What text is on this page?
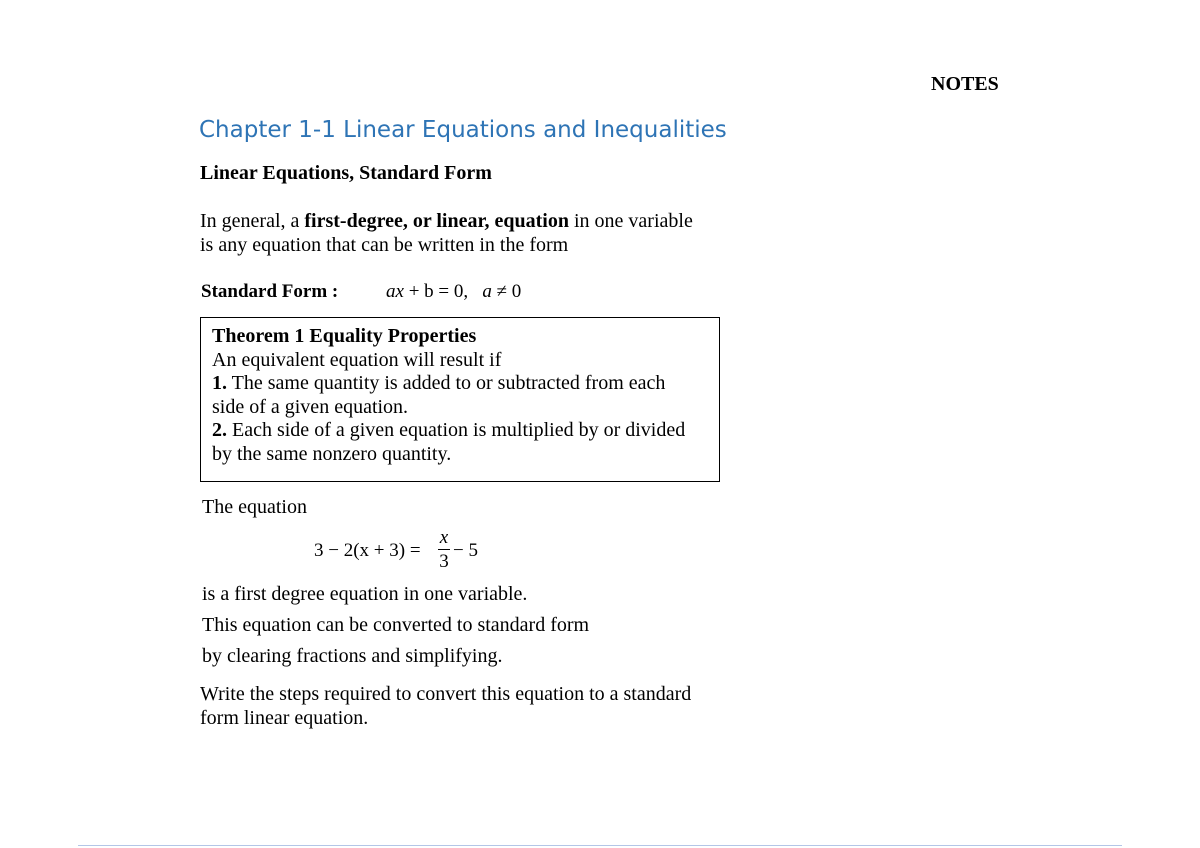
NOTES
Chapter 1-1 Linear Equations and Inequalities
Linear Equations, Standard Form
In general, a first-degree, or linear, equation in one variable is any equation that can be written in the form
Standard Form :	ax + b = 0,   a ≠ 0
Theorem 1 Equality Properties
An equivalent equation will result if
1. The same quantity is added to or subtracted from each
side of a given equation.
2. Each side of a given equation is multiplied by or divided
by the same nonzero quantity.
The equation
3 − 2(x + 3) =
x
3
− 5
is a first degree equation in one variable.
This equation can be converted to standard form
by clearing fractions and simplifying.
Write the steps required to convert this equation to a standard form linear equation.
